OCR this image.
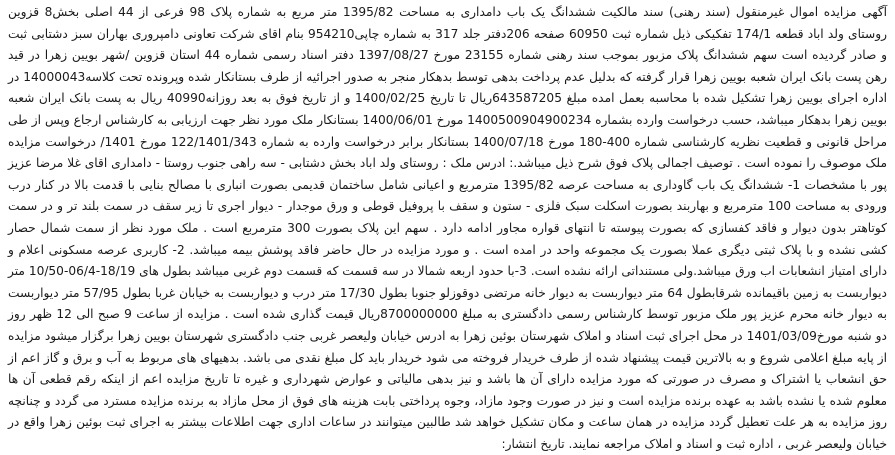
آگهی مزایده اموال غیرمنقول (سند رهنی) سند مالکیت ششدانگ یک باب دامداری به مساحت 1395/82 متر مربع به شماره پلاک 98 فرعی از 44 اصلی بخش8 قزوین روستای ولد اباد قطعه 174/1 تفکیکی ذیل شماره ثبت 60950 صفحه 206دفتر جلد 317 به شماره چاپی954210 بنام اقای شرکت تعاونی دامپروری بهاران سبز دشتابی ثبت و صادر گردیده است سهم ششدانگ پلاک مزبور بموجب سند رهنی شماره 23155 مورخ 1397/08/27 دفتر اسناد رسمی شماره 44 استان قزوین /شهر بویین زهرا در قید رهن پست بانک ایران شعبه بویین زهرا قرار گرفته که بدلیل عدم پرداخت بدهی توسط بدهکار منجر به صدور اجرائیه از طرف بستانکار شده وپرونده تحت کلاسه14000043 در اداره اجرای بویین زهرا تشکیل شده با محاسبه بعمل امده مبلغ 643587205ریال تا تاریخ 1400/02/25 و از تاریخ فوق به بعد روزانه40990 ریال به پست بانک ایران شعبه بویین زهرا بدهکار میباشد، حسب درخواست وارده بشماره 1400500904900234 مورخ 1400/06/01 بستانکار ملک مورد نظر جهت ارزیابی به کارشناس ارجاع وپس از طی مراحل قانونی و قطعیت نظریه کارشناسی شماره 400-180 مورخ 1400/07/18 بستانکار برابر درخواست وارده به شماره 122/1401/343 مورخ 1401/ درخواست مزایده ملک موصوف را نموده است . توصیف اجمالی پلاک فوق شرح ذیل میباشد.: ادرس ملک : روستای ولد اباد بخش دشتابی - سه راهی جنوب روستا - دامداری اقای غلا مرضا عزیز پور با مشخصات 1- ششدانگ یک باب گاوداری به مساحت عرصه 1395/82 مترمربع و اعیانی شامل ساختمان قدیمی بصورت انباری با مصالح بنایی با قدمت بالا در کنار درب ورودی به مساحت 100 مترمربع و بهاربند بصورت اسکلت سبک فلزی - ستون و سقف با پروفیل قوطی و ورق موجدار - دیوار اجری تا زیر سقف در سمت بلند تر و در سمت کوتاهتر بدون دیوار و فاقد کفسازی که بصورت پیوسته تا انتهای قواره مجاور ادامه دارد . سهم این پلاک بصورت 300 مترمربع است . ملک مورد نظر از سمت شمال حصار کشی نشده و با پلاک ثبتی دیگری عملا بصورت یک مجموعه واحد در امده است . و مورد مزایده در حال حاضر فاقد پوشش بیمه میباشد. 2- کاربری عرصه مسکونی اعلام و دارای امتیاز انشعابات اب ورق میباشد.ولی مستنداتی ارائه نشده است. 3-با حدود اربعه شمالا در سه قسمت که قسمت دوم غربی میباشد بطول های 18/19-06/4-10/50 متر دیواربست به زمین باقیمانده شرقابطول 64 متر دیواربست به دیوار خانه مرتضی دوقوزلو جنوبا بطول 17/30 متر درب و دیواربست به خیابان غربا بطول 57/95 متر دیواربست به دیوار خانه محرم عزیز پور ملک مزبور توسط کارشناس رسمی دادگستری به مبلغ 8700000000ریال قیمت گذاری شده است . مزایده از ساعت 9 صبح الی 12 ظهر روز دو شنبه مورخ1401/03/09 در محل اجرای ثبت اسناد و املاک شهرستان بوئین زهرا به ادرس خیابان ولیعصر غربی جنب دادگستری شهرستان بویین زهرا برگزار میشود مزایده از پایه مبلغ اعلامی شروع و به بالاترین قیمت پیشنهاد شده از طرف خریدار فروخته می شود خریدار باید کل مبلغ نقدی می باشد. بدهیهای های مربوط به آب و برق و گاز اعم از حق انشعاب یا اشتراک و مصرف در صورتی که مورد مزایده دارای آن ها باشد و نیز بدهی مالیاتی و عوارض شهرداری و غیره تا تاریخ مزایده اعم از اینکه رقم قطعی آن ها معلوم شده یا نشده باشد به عهده برنده مزایده است و نیز در صورت وجود مازاد، وجوه پرداختی بابت هزینه های فوق از محل مازاد به برنده مزایده مسترد می گردد و چنانچه روز مزایده به هر علت تعطیل گردد مزایده در همان ساعت و مکان تشکیل خواهد شد طالبین میتوانند در ساعات اداری جهت اطلاعات بیشتر به اجرای ثبت بوئین زهرا واقع در خیابان ولیعصر غربی ، اداره ثبت و اسناد و املاک مراجعه نمایند. تاریخ انتشار:
